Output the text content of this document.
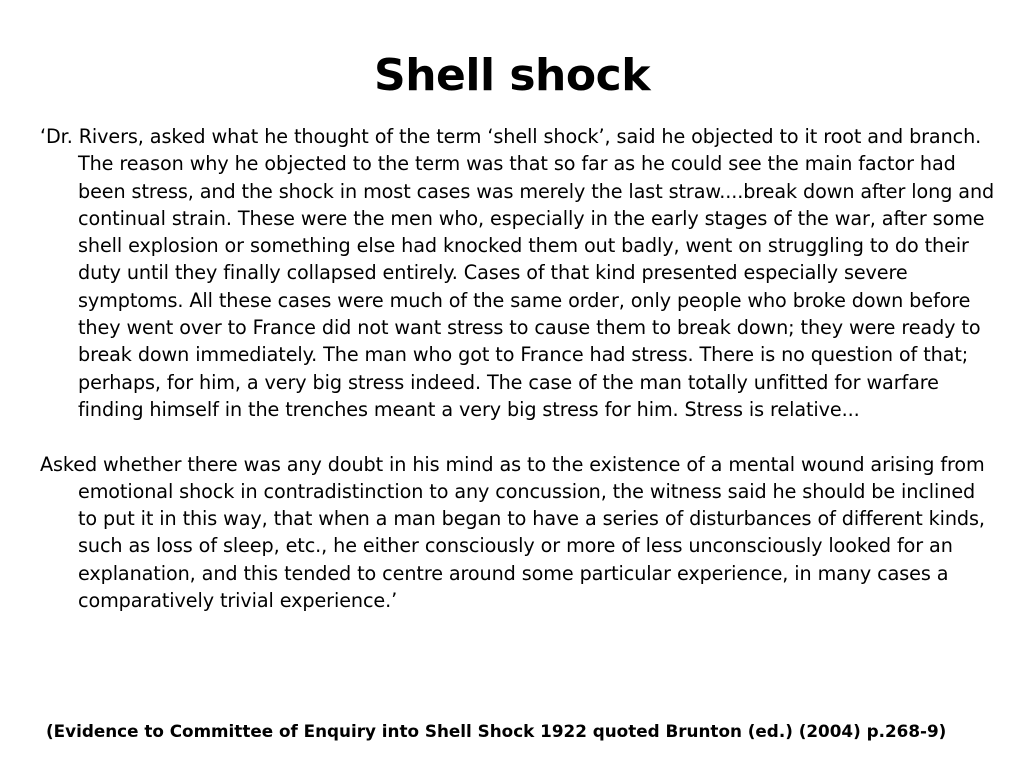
Shell shock

‘Dr. Rivers, asked what he thought of the term ‘shell shock’, said he objected to it root and branch. The reason why he objected to the term was that so far as he could see the main factor had been stress, and the shock in most cases was merely the last straw....break down after long and continual strain. These were the men who, especially in the early stages of the war, after some shell explosion or something else had knocked them out badly, went on struggling to do their duty until they finally collapsed entirely. Cases of that kind presented especially severe symptoms. All these cases were much of the same order, only people who broke down before they went over to France did not want stress to cause them to break down; they were ready to break down immediately. The man who got to France had stress. There is no question of that; perhaps, for him, a very big stress indeed. The case of the man totally unfitted for warfare finding himself in the trenches meant a very big stress for him. Stress is relative...

Asked whether there was any doubt in his mind as to the existence of a mental wound arising from emotional shock in contradistinction to any concussion, the witness said he should be inclined to put it in this way, that when a man began to have a series of disturbances of different kinds, such as loss of sleep, etc., he either consciously or more of less unconsciously looked for an explanation, and this tended to centre around some particular experience, in many cases a comparatively trivial experience.’

(Evidence to Committee of Enquiry into Shell Shock 1922 quoted Brunton (ed.) (2004) p.268-9)
